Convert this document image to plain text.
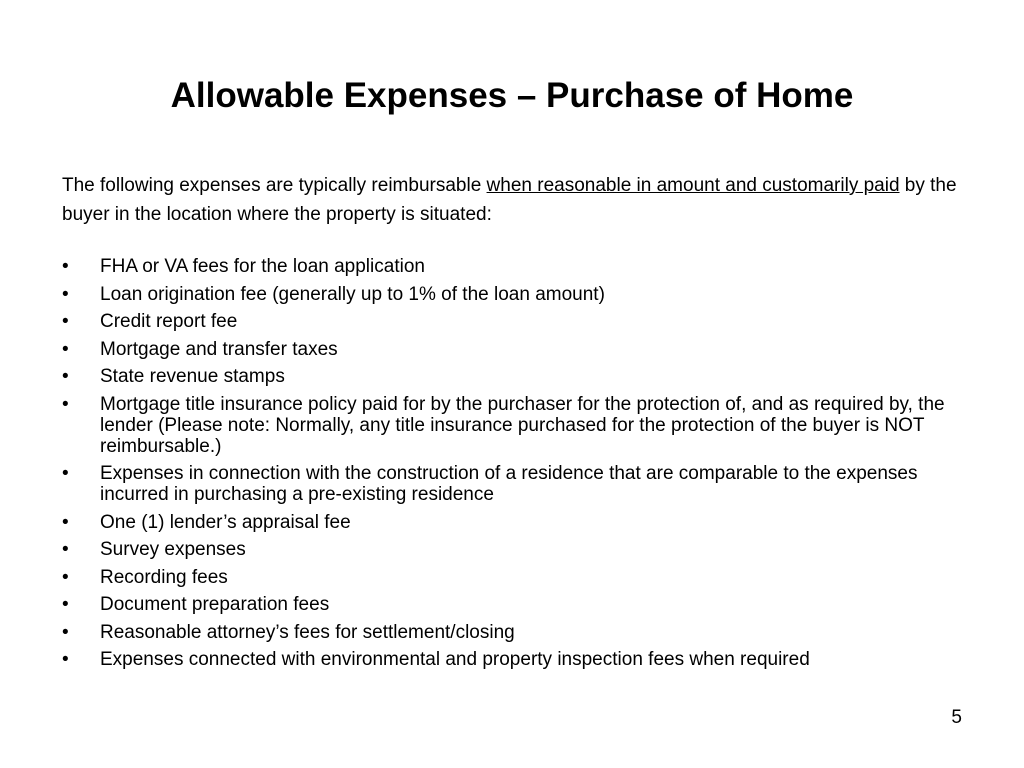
Allowable Expenses – Purchase of Home
The following expenses are typically reimbursable when reasonable in amount and customarily paid by the buyer in the location where the property is situated:
•	FHA or VA fees for the loan application
•	Loan origination fee (generally up to 1% of the loan amount)
•	Credit report fee
•	Mortgage and transfer taxes
•	State revenue stamps
•	Mortgage title insurance policy paid for by the purchaser for the protection of, and as required by, the lender (Please note: Normally, any title insurance purchased for the protection of the buyer is NOT reimbursable.)
•	Expenses in connection with the construction of a residence that are comparable to the expenses incurred in purchasing a pre-existing residence
•	One (1) lender’s appraisal fee
•	Survey expenses
•	Recording fees
•	Document preparation fees
•	Reasonable attorney’s fees for settlement/closing
•	Expenses connected with environmental and property inspection fees when required
5
